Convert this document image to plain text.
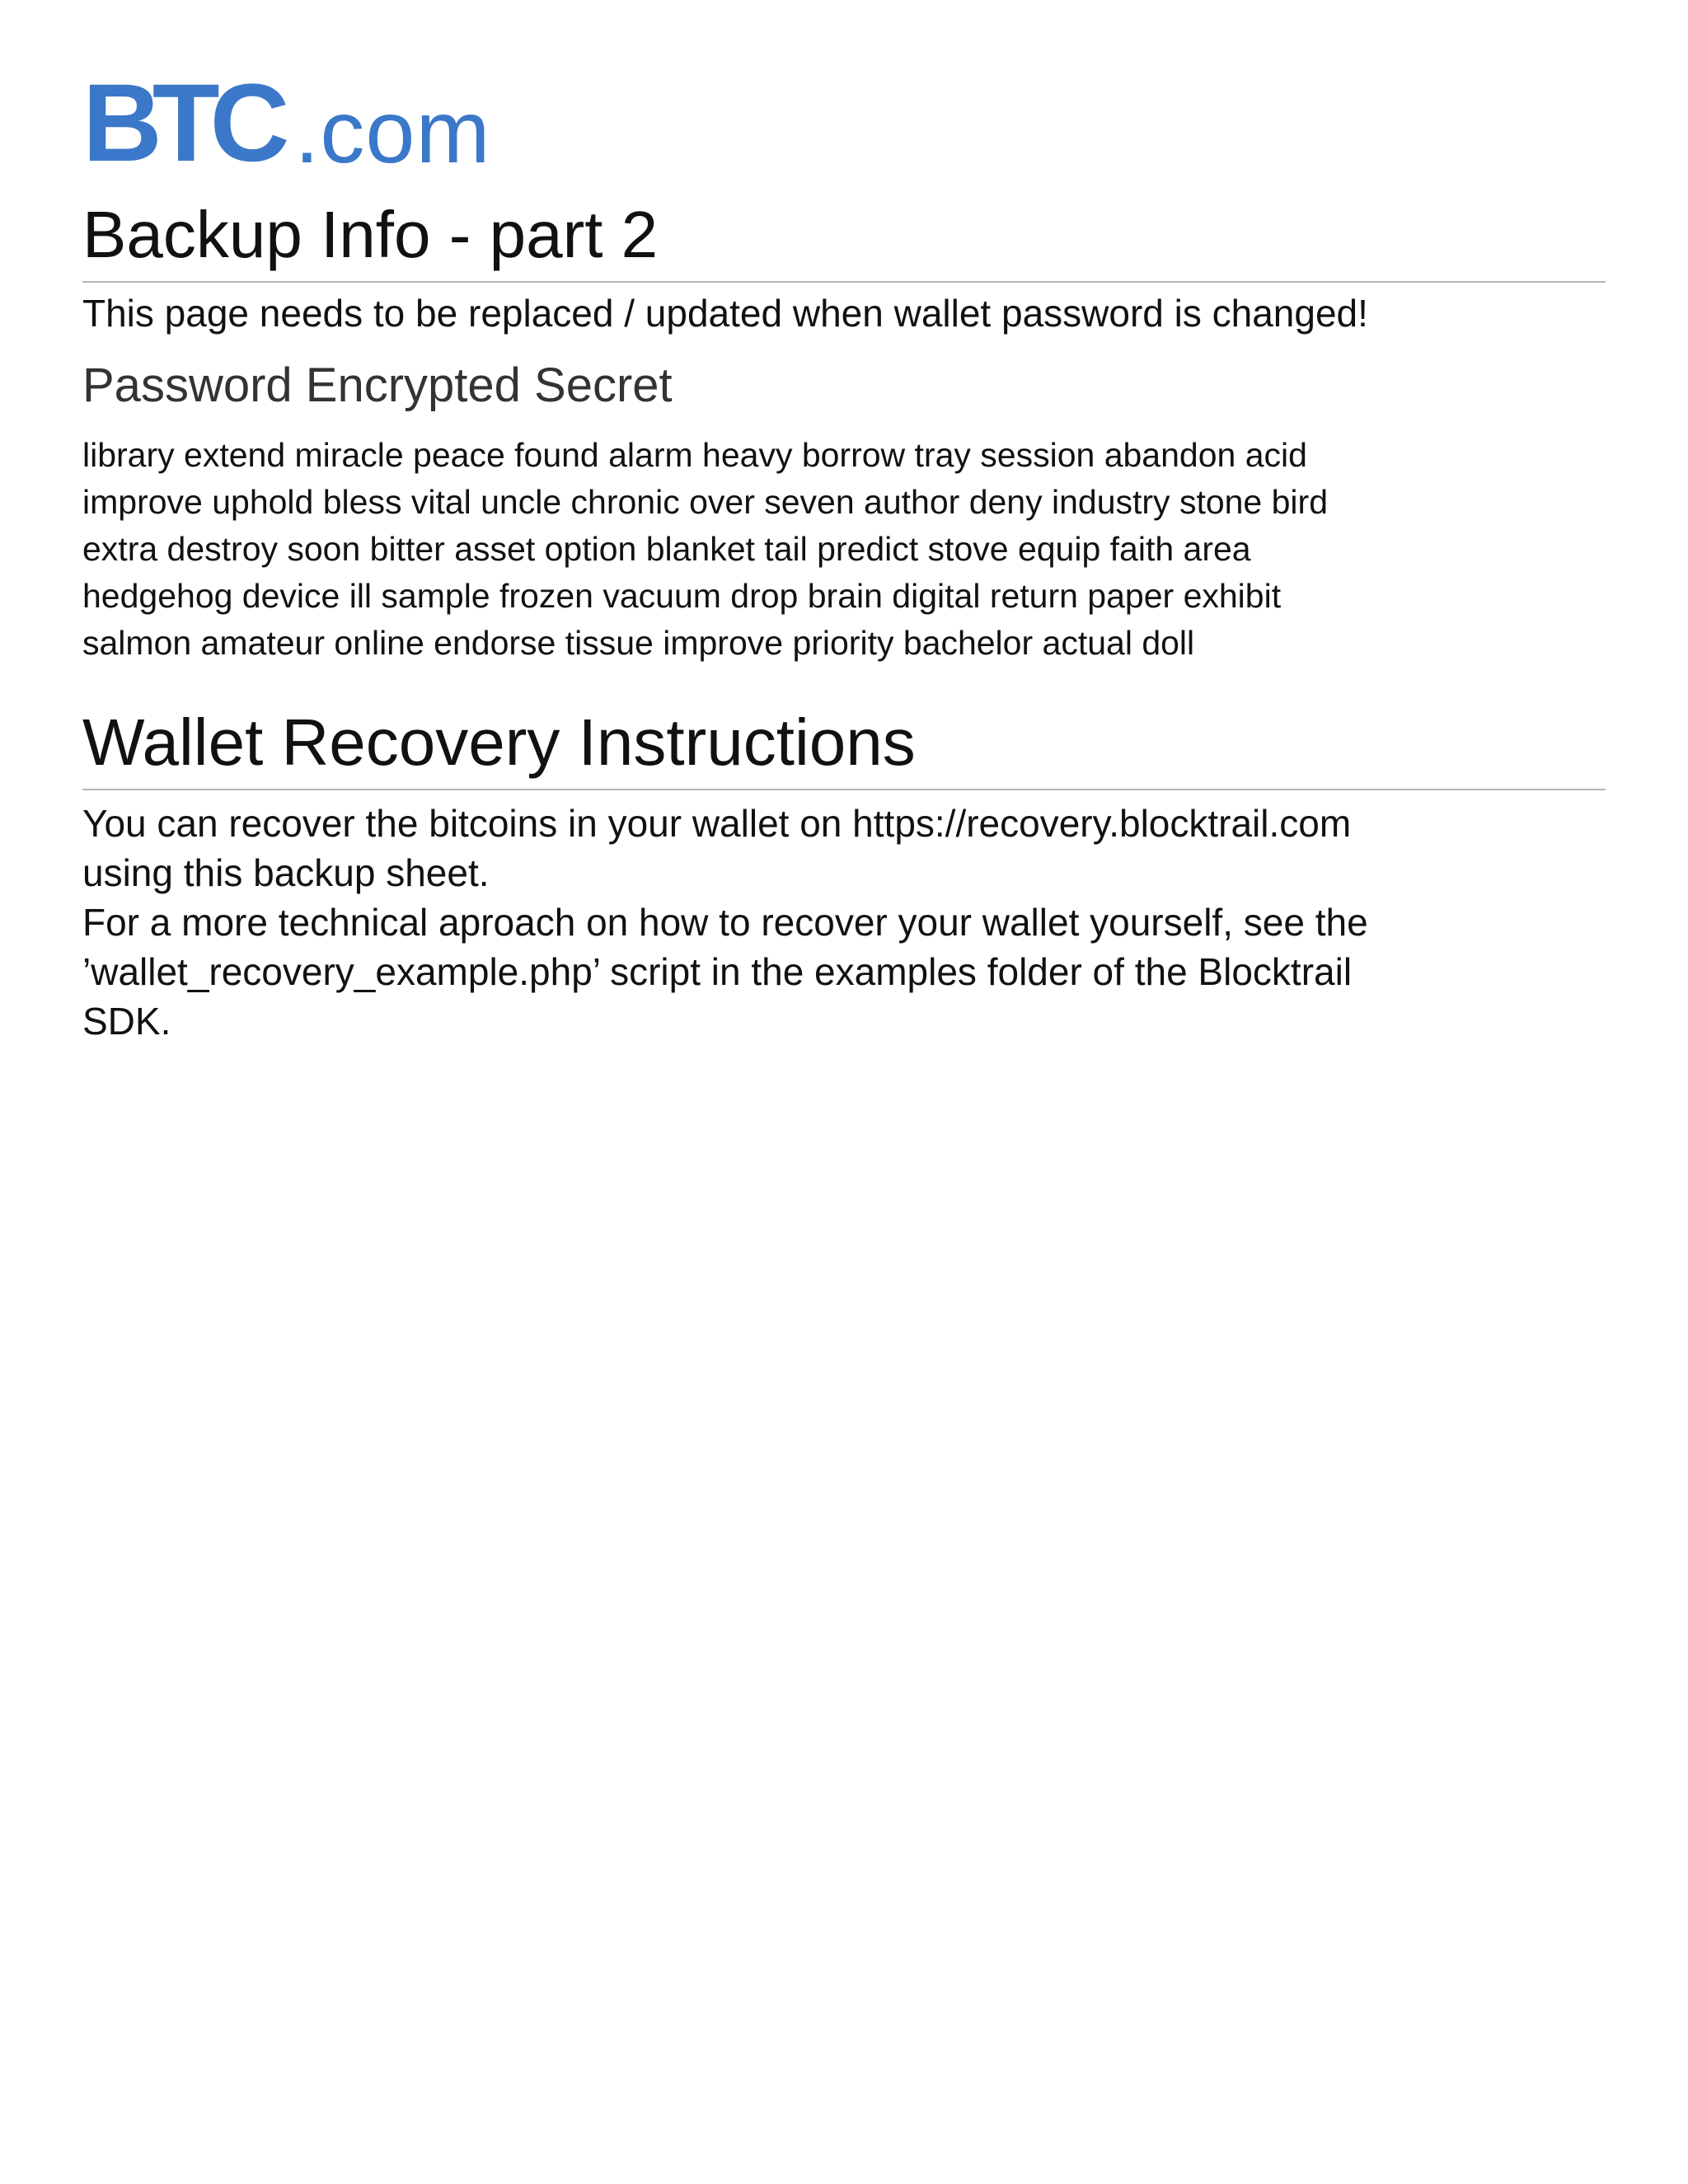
BTC .com
Backup Info - part 2

This page needs to be replaced / updated when wallet password is changed!

Password Encrypted Secret

library extend miracle peace found alarm heavy borrow tray session abandon acid
improve uphold bless vital uncle chronic over seven author deny industry stone bird
extra destroy soon bitter asset option blanket tail predict stove equip faith area
hedgehog device ill sample frozen vacuum drop brain digital return paper exhibit
salmon amateur online endorse tissue improve priority bachelor actual doll

Wallet Recovery Instructions

You can recover the bitcoins in your wallet on https://recovery.blocktrail.com
using this backup sheet.
For a more technical aproach on how to recover your wallet yourself, see the
’wallet_recovery_example.php’ script in the examples folder of the Blocktrail
SDK.
